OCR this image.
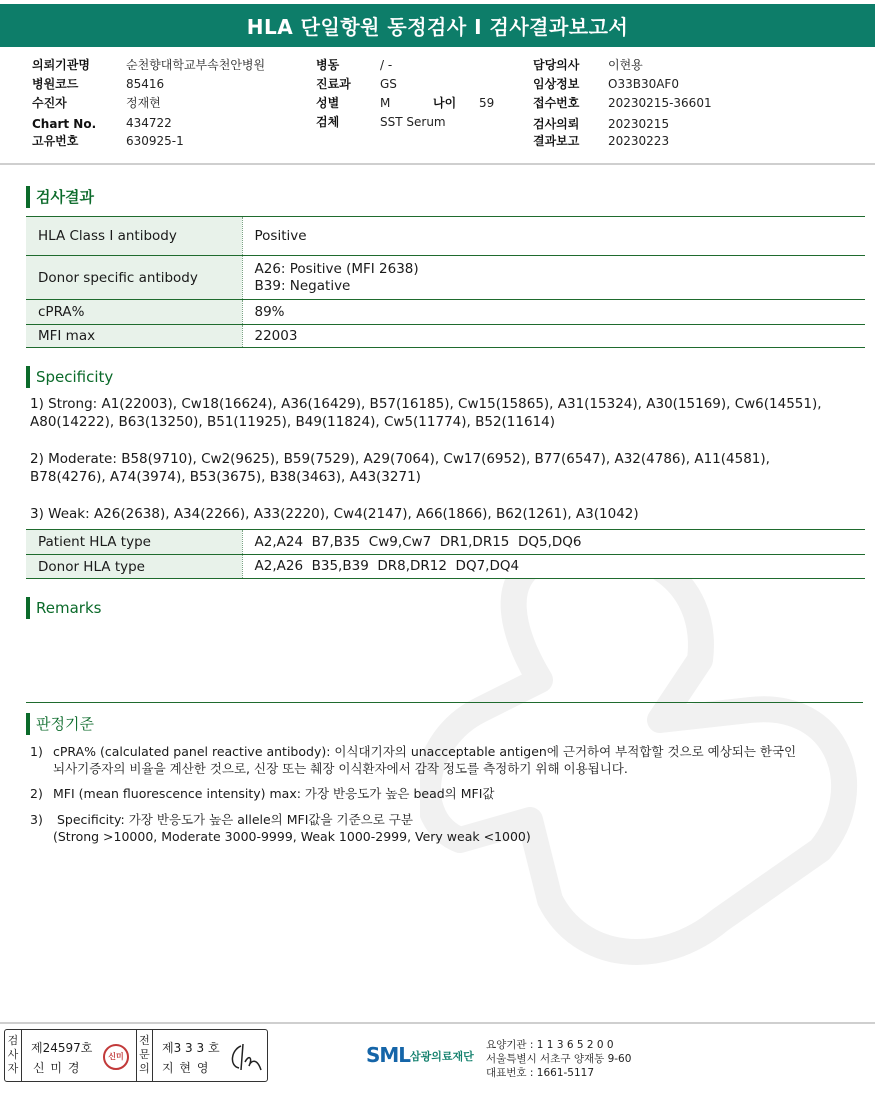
HLA 단일항원 동정검사 I 검사결과보고서
의뢰기관명	순천향대학교부속천안병원
병원코드	85416
수진자	정재현
Chart No. 434722
고유번호	630925-1
병동	/ -
진료과 GS
성별	M	나이 59
검체	SST Serum
담당의사 이현용
임상정보 O33B30AF0
접수번호 20230215-36601
검사의뢰 20230215
결과보고 20230223
검사결과
HLA Class I antibody	Positive
Donor specific antibody	A26: Positive (MFI 2638)
B39: Negative

cPRA%	89%
MFI max	22003
Specificity
1) Strong: A1(22003), Cw18(16624), A36(16429), B57(16185), Cw15(15865), A31(15324), A30(15169), Cw6(14551),
A80(14222), B63(13250), B51(11925), B49(11824), Cw5(11774), B52(11614)
2) Moderate: B58(9710), Cw2(9625), B59(7529), A29(7064), Cw17(6952), B77(6547), A32(4786), A11(4581),
B78(4276), A74(3974), B53(3675), B38(3463), A43(3271)
3) Weak: A26(2638), A34(2266), A33(2220), Cw4(2147), A66(1866), B62(1261), A3(1042)
Patient HLA type	A2,A24  B7,B35  Cw9,Cw7  DR1,DR15  DQ5,DQ6
Donor HLA type	A2,A26  B35,B39  DR8,DR12  DQ7,DQ4
Remarks
판정기준
1) cPRA% (calculated panel reactive antibody): 이식대기자의 unacceptable antigen에 근거하여 부적합할 것으로 예상되는 한국인
뇌사기증자의 비율을 계산한 것으로, 신장 또는 췌장 이식환자에서 감작 정도를 측정하기 위해 이용됩니다.
2) MFI (mean fluorescence intensity) max: 가장 반응도가 높은 bead의 MFI값
3)	Specificity: 가장 반응도가 높은 allele의 MFI값을 기준으로 구분
(Strong >10000, Moderate 3000-9999, Weak 1000-2999, Very weak <1000)
검사자
제24597호
신 미 경
신미
전문의
제3 3 3 호
지 현 영
SML 삼광의료재단
요양기관 : 1 1 3 6 5 2 0 0
서울특별시 서초구 양재동 9-60
대표번호 : 1661-5117
